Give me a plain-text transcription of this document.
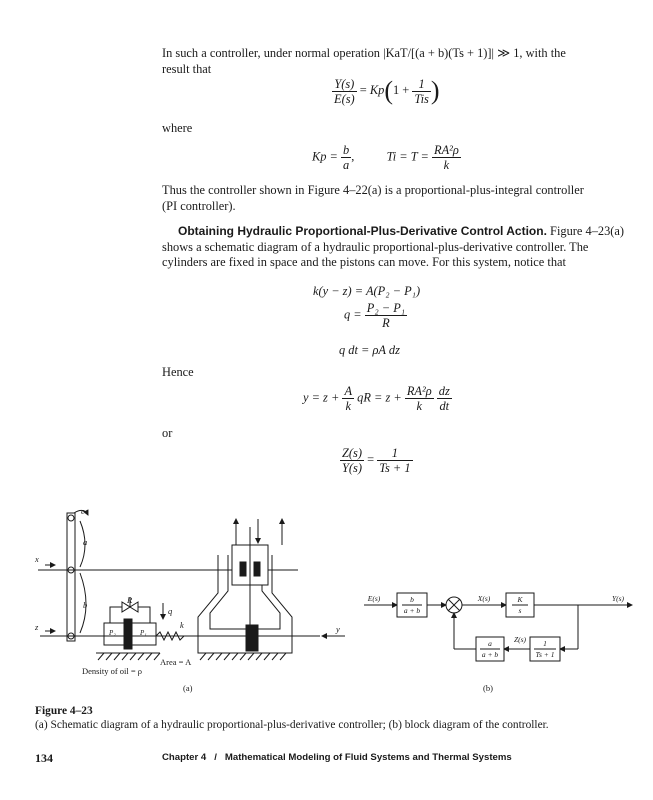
In such a controller, under normal operation |KaT/[(a + b)(Ts + 1)]| ≫ 1, with the
result that
$\frac{Y(s)}{E(s)} = Kp(1 + \frac{1}{\text{Tis}}$ )
where
$Kp = \frac{b}{a}$ ,	$Ti = T = \frac{\text{RA²ρ}}{k}$
Thus the controller shown in Figure 4–22(a) is a proportional-plus-integral controller
(PI controller).
Obtaining Hydraulic Proportional-Plus-Derivative Control Action. Figure 4–23(a)
shows a schematic diagram of a hydraulic proportional-plus-derivative controller. The
cylinders are fixed in space and the pistons can move. For this system, notice that
k(y − z) = A(P₂ − P₁)
$q = \frac{\text{P₂ − P₁}}{R}$
q dt = ρA dz
Hence
$y = z + \frac{A}{k}$ qR = $z + \frac{\text{RA²ρ}}{k}$
$\frac{dz}{dt}$
or
$\frac{Z(s)}{Y(s)} = \frac{1}{Ts + 1}$
e
a
x
b
z
R
q
k	y
P₂	P₁
Area = A
Density of oil = ρ
(a)
E(s)	b
a + b
X(s)	K
s
Y(s)
a
a + b
Z(s) 1
Ts + 1
(b)
Figure 4–23
(a) Schematic diagram of a hydraulic proportional-plus-derivative controller; (b) block diagram of the controller.
134	Chapter 4   /   Mathematical Modeling of Fluid Systems and Thermal Systems
